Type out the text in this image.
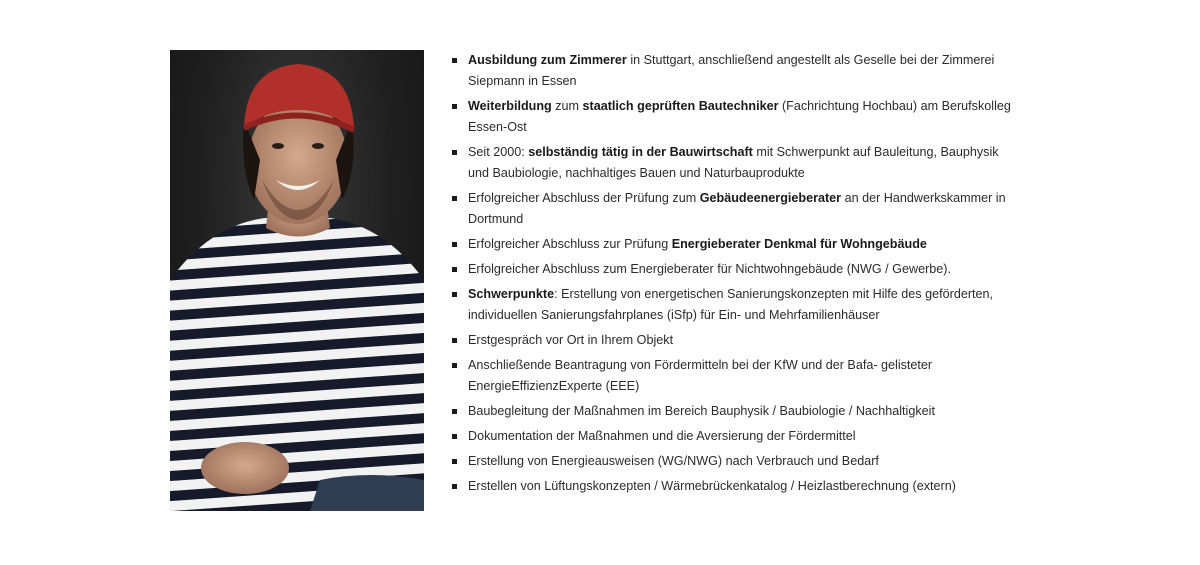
Ausbildung zum Zimmerer in Stuttgart, anschließend angestellt als Geselle bei der Zimmerei Siepmann in Essen
Weiterbildung zum staatlich geprüften Bautechniker (Fachrichtung Hochbau) am Berufskolleg Essen-Ost
Seit 2000: selbständig tätig in der Bauwirtschaft mit Schwerpunkt auf Bauleitung, Bauphysik und Baubiologie, nachhaltiges Bauen und Naturbauprodukte
Erfolgreicher Abschluss der Prüfung zum Gebäudeenergieberater an der Handwerkskammer in Dortmund
Erfolgreicher Abschluss zur Prüfung Energieberater Denkmal für Wohngebäude
Erfolgreicher Abschluss zum Energieberater für Nichtwohngebäude (NWG / Gewerbe).
Schwerpunkte: Erstellung von energetischen Sanierungskonzepten mit Hilfe des geförderten, individuellen Sanierungsfahrplanes (iSfp) für Ein- und Mehrfamilienhäuser
Erstgespräch vor Ort in Ihrem Objekt
Anschließende Beantragung von Fördermitteln bei der KfW und der Bafa- gelisteter EnergieEffizienzExperte (EEE)
Baubegleitung der Maßnahmen im Bereich Bauphysik / Baubiologie / Nachhaltigkeit
Dokumentation der Maßnahmen und die Aversierung der Fördermittel
Erstellung von Energieausweisen (WG/NWG) nach Verbrauch und Bedarf
Erstellen von Lüftungskonzepten / Wärmebrückenkatalog / Heizlastberechnung (extern)
